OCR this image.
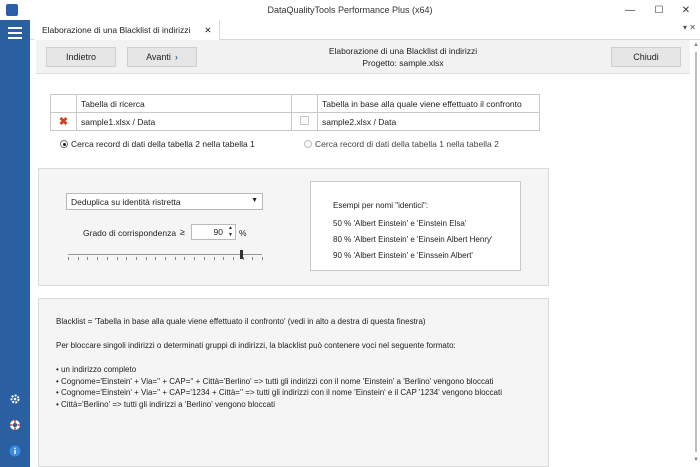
DataQualityTools Performance Plus (x64)	—	☐	✕
Elaborazione di una Blacklist di indirizzi ✕	▾ ✕
Indietro	Avanti ›
Elaborazione di una Blacklist di indirizzi
Progetto: sample.xlsx
Chiudi
	Tabella di ricerca		Tabella in base alla quale viene effettuato il confronto
✖	sample1.xlsx / Data		sample2.xlsx / Data
Cerca record di dati della tabella 2 nella tabella 1	Cerca record di dati della tabella 1 nella tabella 2
Deduplica su identità ristretta	▼
Grado di corrispondenza ≥	90 ▲
▼ %
Esempi per nomi "identici":
50 % 'Albert Einstein' e 'Einstein Elsa'
80 % 'Albert Einstein' e 'Einsein Albert Henry'
90 % 'Albert Einstein' e 'Einssein Albert'

Blacklist = 'Tabella in base alla quale viene effettuato il confronto' (vedi in alto a destra di questa finestra)

Per bloccare singoli indirizzi o determinati gruppi di indirizzi, la blacklist può contenere voci nel seguente formato:

• un indirizzo completo
• Cognome='Einstein' + Via='' + CAP='' + Città='Berlino' => tutti gli indirizzi con il nome 'Einstein' a 'Berlino' vengono bloccati
• Cognome='Einstein' + Via='' + CAP='1234 + Città='' => tutti gli indirizzi con il nome 'Einstein' e il CAP '1234' vengono bloccati
• Città='Berlino' => tutti gli indirizzi a 'Berlino' vengono bloccati
▲
▼
